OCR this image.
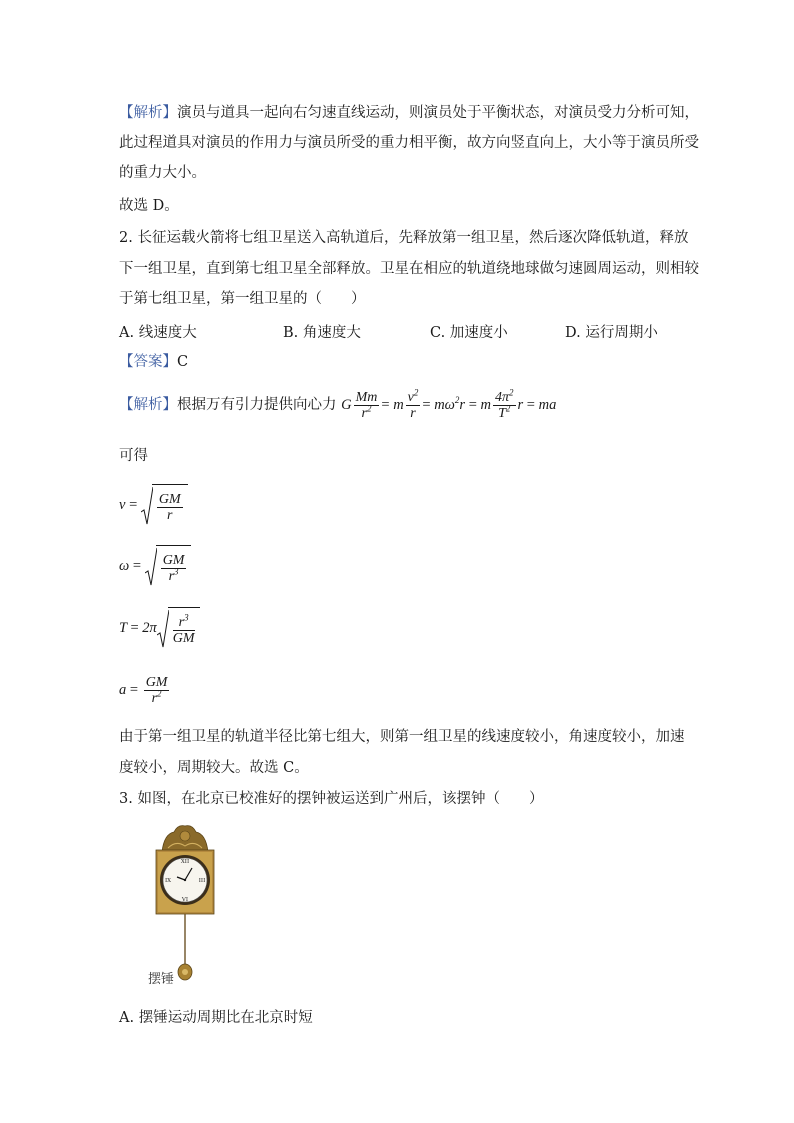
【解析】演员与道具一起向右匀速直线运动，则演员处于平衡状态，对演员受力分析可知，
此过程道具对演员的作用力与演员所受的重力相平衡，故方向竖直向上，大小等于演员所受
的重力大小。
故选 D。
2. 长征运载火箭将七组卫星送入高轨道后，先释放第一组卫星，然后逐次降低轨道，释放
下一组卫星，直到第七组卫星全部释放。卫星在相应的轨道绕地球做匀速圆周运动，则相较
于第七组卫星，第一组卫星的（　　）
A. 线速度大	B. 角速度大	C. 加速度小	D. 运行周期小
【答案】C
【解析】根据万有引力提供向心力 G $\frac{Mm}{r^2} = m \frac{v^2}{r} = m\omega^2r = m \frac{4\pi^2}{T^2}$ r = ma
可得
$v = \frac{GM}{r}$
$\omega = \frac{GM}{r^3}$
$T = 2\pi \frac{r^3}{GM}$
$a = \frac{GM}{r^2}$
由于第一组卫星的轨道半径比第七组大，则第一组卫星的线速度较小，角速度较小，加速
度较小，周期较大。故选 C。
3. 如图，在北京已校准好的摆钟被运送到广州后，该摆钟（　　）
XII
III
VI
IX
摆锤
A. 摆锤运动周期比在北京时短
